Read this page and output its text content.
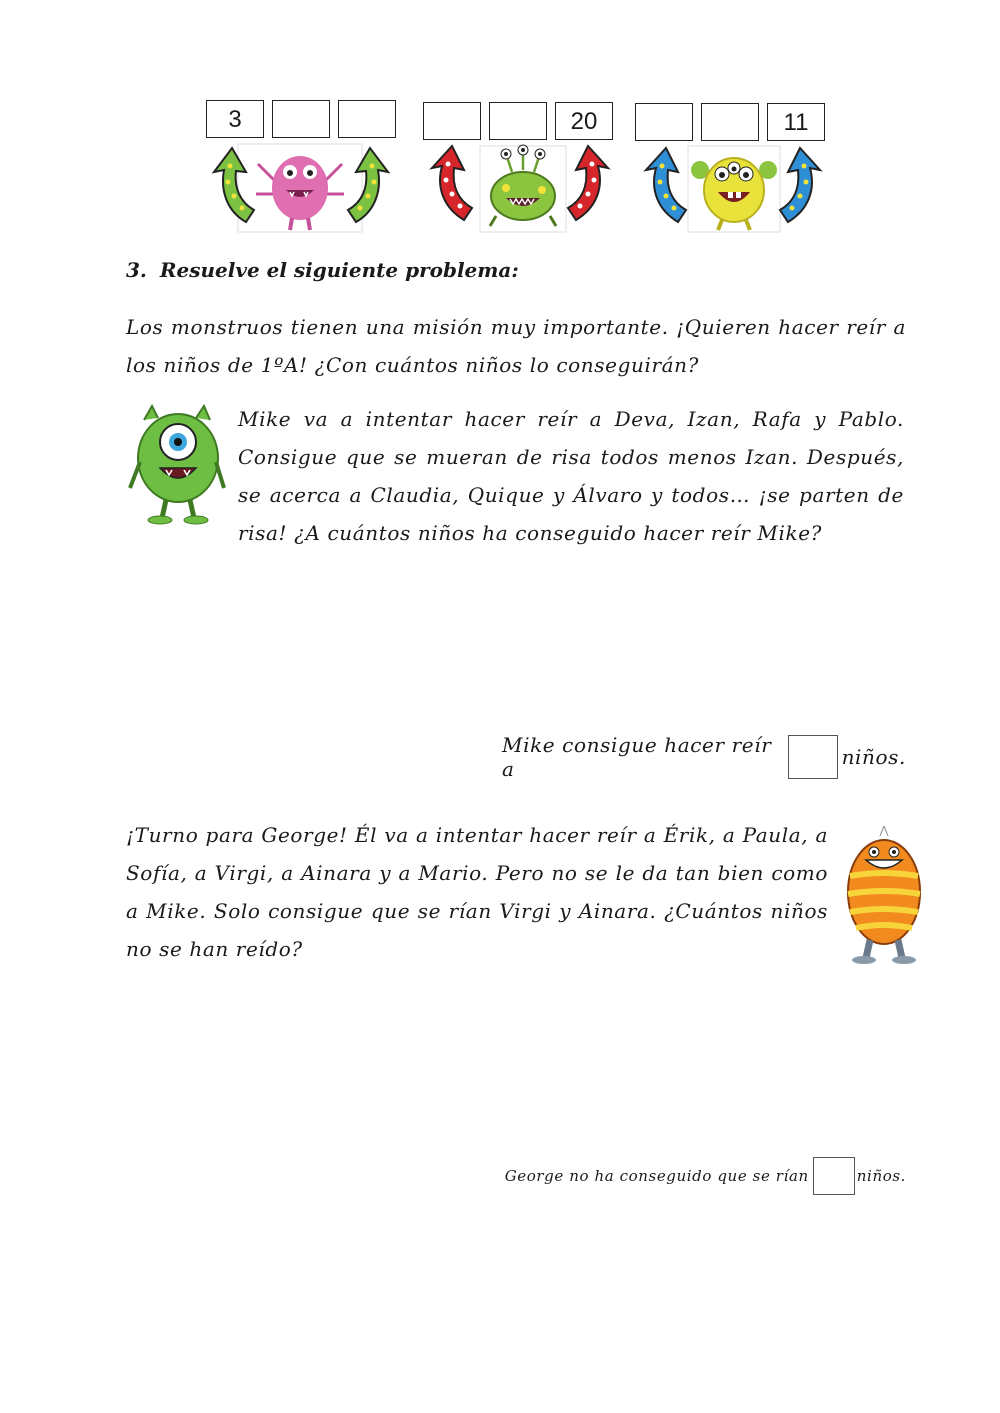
3	20	11
3. Resuelve el siguiente problema:
Los monstruos tienen una misión muy importante. ¡Quieren hacer reír a los niños de 1ºA! ¿Con cuántos niños lo conseguirán?
Mike va a intentar hacer reír a Deva, Izan, Rafa y Pablo. Consigue que se mueran de risa todos menos Izan. Después, se acerca a Claudia, Quique y Álvaro y todos… ¡se parten de risa! ¿A cuántos niños ha conseguido hacer reír Mike?
Mike consigue hacer reír a	niños.
¡Turno para George! Él va a intentar hacer reír a Érik, a Paula, a Sofía, a Virgi, a Ainara y a Mario. Pero no se le da tan bien como a Mike. Solo consigue que se rían Virgi y Ainara. ¿Cuántos niños no se han reído?
George no ha conseguido que se rían	niños.
